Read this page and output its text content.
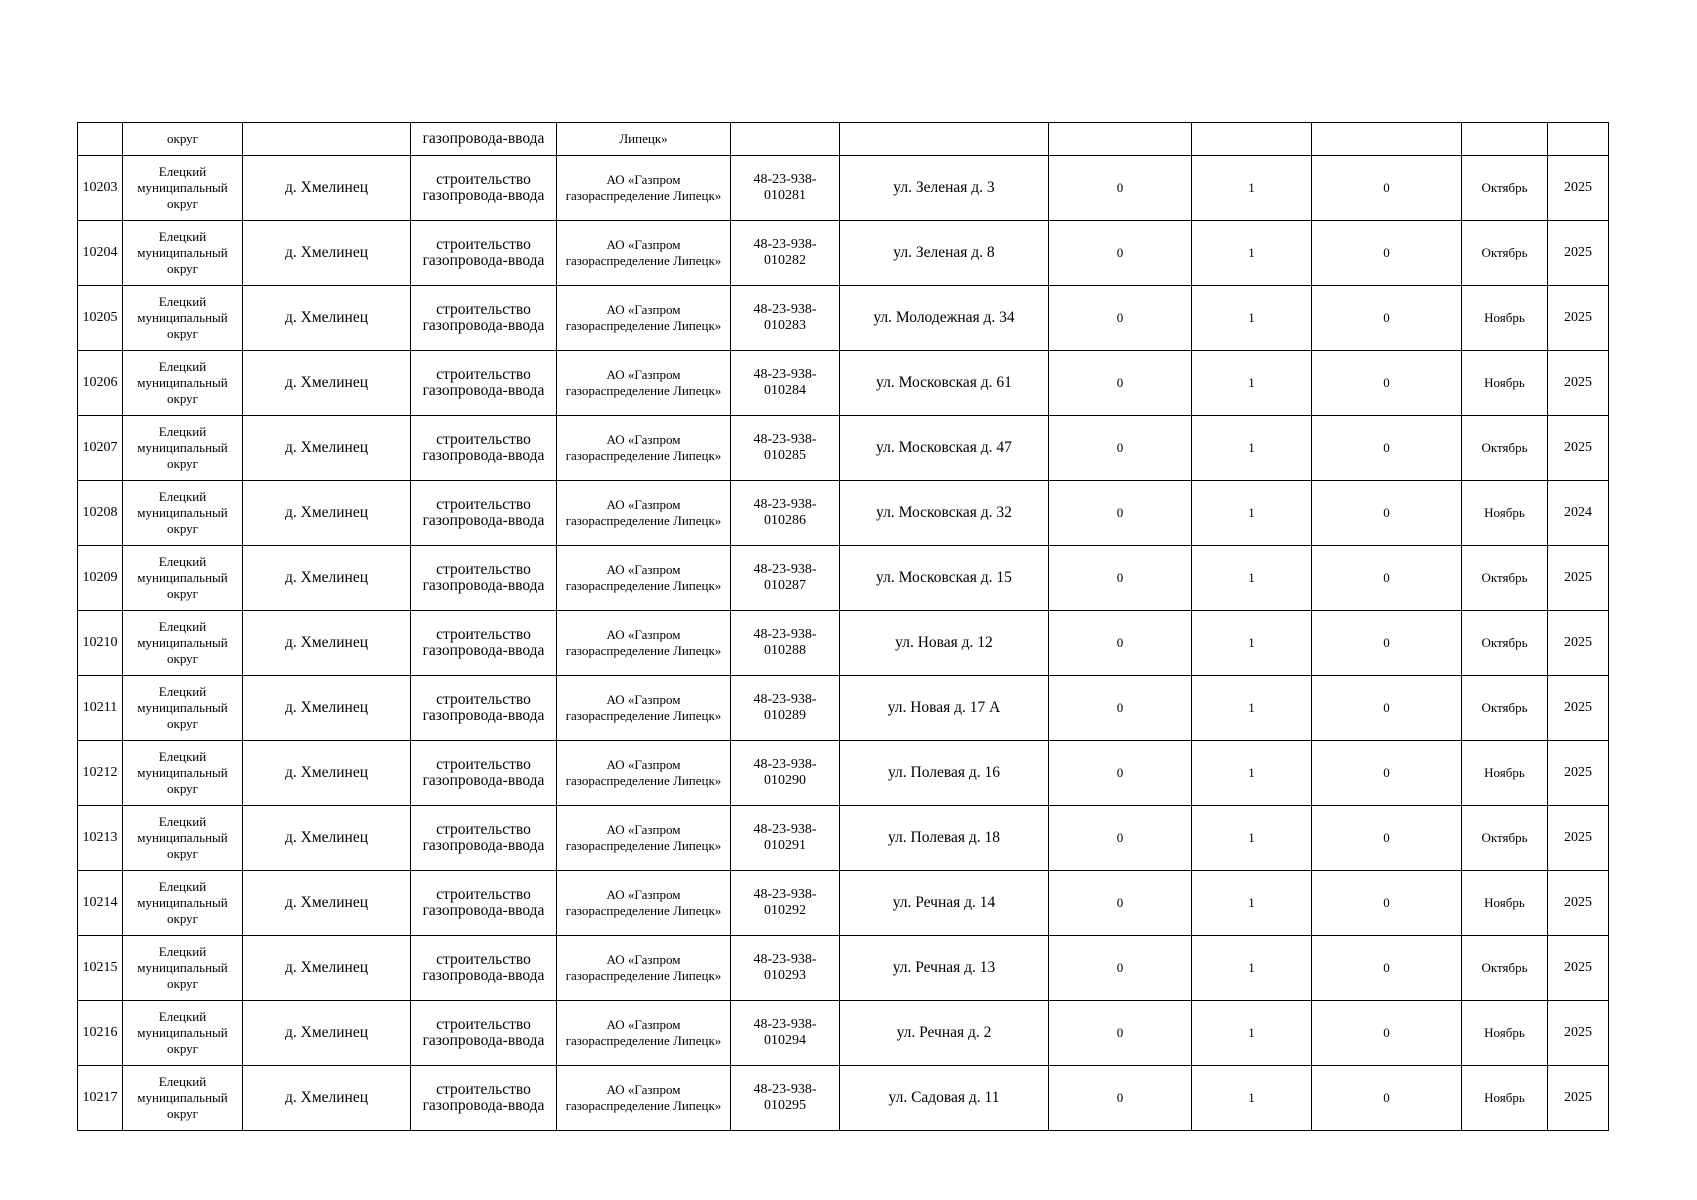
	округ		газопровода-ввода	Липецк»							
10203	Елецкий муниципальный округ	д. Хмелинец	строительство газопровода-ввода	АО «Газпром газораспределение Липецк»	48-23-938-010281	ул. Зеленая д. 3	0	1	0	Октябрь	2025
10204	Елецкий муниципальный округ	д. Хмелинец	строительство газопровода-ввода	АО «Газпром газораспределение Липецк»	48-23-938-010282	ул. Зеленая д. 8	0	1	0	Октябрь	2025
10205	Елецкий муниципальный округ	д. Хмелинец	строительство газопровода-ввода	АО «Газпром газораспределение Липецк»	48-23-938-010283	ул. Молодежная д. 34	0	1	0	Ноябрь	2025
10206	Елецкий муниципальный округ	д. Хмелинец	строительство газопровода-ввода	АО «Газпром газораспределение Липецк»	48-23-938-010284	ул. Московская д. 61	0	1	0	Ноябрь	2025
10207	Елецкий муниципальный округ	д. Хмелинец	строительство газопровода-ввода	АО «Газпром газораспределение Липецк»	48-23-938-010285	ул. Московская д. 47	0	1	0	Октябрь	2025
10208	Елецкий муниципальный округ	д. Хмелинец	строительство газопровода-ввода	АО «Газпром газораспределение Липецк»	48-23-938-010286	ул. Московская д. 32	0	1	0	Ноябрь	2024
10209	Елецкий муниципальный округ	д. Хмелинец	строительство газопровода-ввода	АО «Газпром газораспределение Липецк»	48-23-938-010287	ул. Московская д. 15	0	1	0	Октябрь	2025
10210	Елецкий муниципальный округ	д. Хмелинец	строительство газопровода-ввода	АО «Газпром газораспределение Липецк»	48-23-938-010288	ул. Новая д. 12	0	1	0	Октябрь	2025
10211	Елецкий муниципальный округ	д. Хмелинец	строительство газопровода-ввода	АО «Газпром газораспределение Липецк»	48-23-938-010289	ул. Новая д. 17 А	0	1	0	Октябрь	2025
10212	Елецкий муниципальный округ	д. Хмелинец	строительство газопровода-ввода	АО «Газпром газораспределение Липецк»	48-23-938-010290	ул. Полевая д. 16	0	1	0	Ноябрь	2025
10213	Елецкий муниципальный округ	д. Хмелинец	строительство газопровода-ввода	АО «Газпром газораспределение Липецк»	48-23-938-010291	ул. Полевая д. 18	0	1	0	Октябрь	2025
10214	Елецкий муниципальный округ	д. Хмелинец	строительство газопровода-ввода	АО «Газпром газораспределение Липецк»	48-23-938-010292	ул. Речная д. 14	0	1	0	Ноябрь	2025
10215	Елецкий муниципальный округ	д. Хмелинец	строительство газопровода-ввода	АО «Газпром газораспределение Липецк»	48-23-938-010293	ул. Речная д. 13	0	1	0	Октябрь	2025
10216	Елецкий муниципальный округ	д. Хмелинец	строительство газопровода-ввода	АО «Газпром газораспределение Липецк»	48-23-938-010294	ул. Речная д. 2	0	1	0	Ноябрь	2025
10217	Елецкий муниципальный округ	д. Хмелинец	строительство газопровода-ввода	АО «Газпром газораспределение Липецк»	48-23-938-010295	ул. Садовая д. 11	0	1	0	Ноябрь	2025
